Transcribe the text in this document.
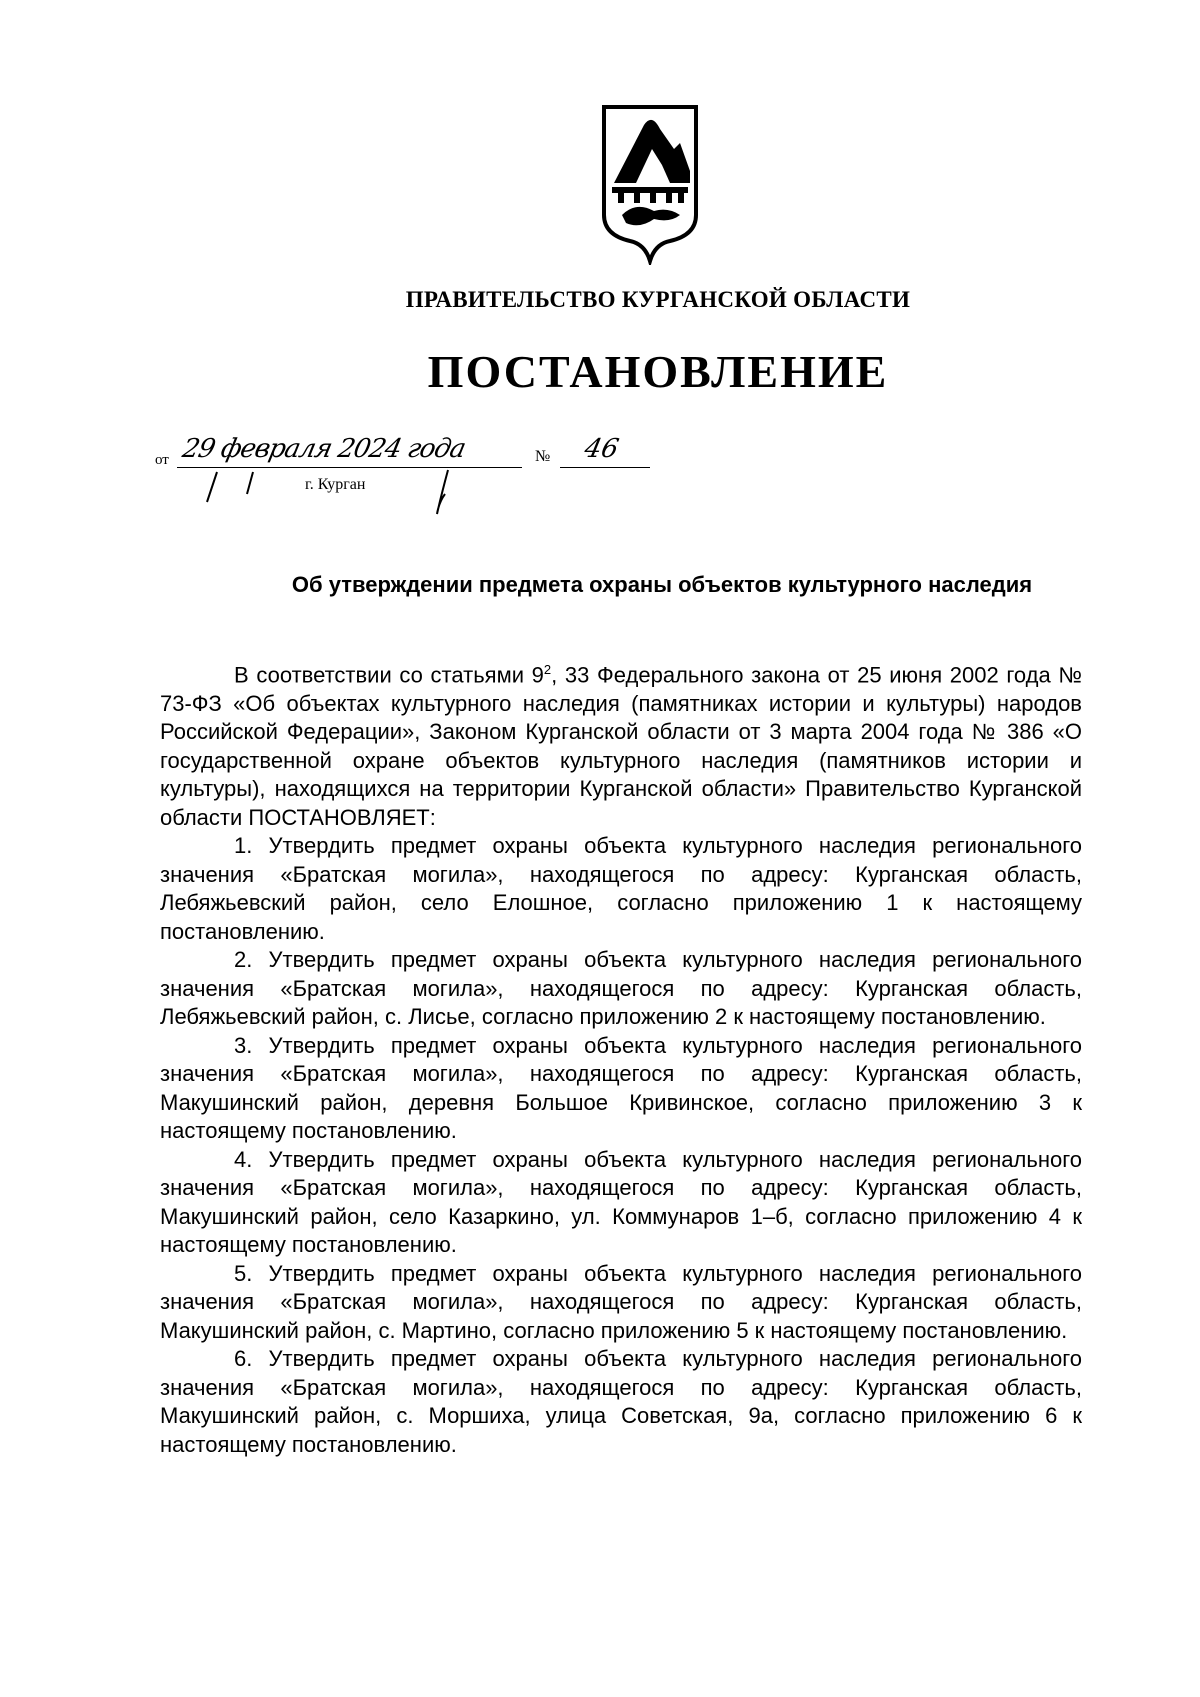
ПРАВИТЕЛЬСТВО КУРГАНСКОЙ ОБЛАСТИ
ПОСТАНОВЛЕНИЕ
от 29 февраля 2024 года	№ 46
г. Курган
Об утверждении предмета охраны объектов культурного наследия

В соответствии со статьями $9^2$, 33 Федерального закона от 25 июня 2002 года № 73-ФЗ «Об объектах культурного наследия (памятниках истории и культуры) народов Российской Федерации», Законом Курганской области от 3 марта 2004 года № 386 «О государственной охране объектов культурного наследия (памятников истории и культуры), находящихся на территории Курганской области» Правительство Курганской области ПОСТАНОВЛЯЕТ:

1. Утвердить предмет охраны объекта культурного наследия регионального значения «Братская могила», находящегося по адресу: Курганская область, Лебяжьевский район, село Елошное, согласно приложению 1 к настоящему постановлению.

2. Утвердить предмет охраны объекта культурного наследия регионального значения «Братская могила», находящегося по адресу: Курганская область, Лебяжьевский район, с. Лисье, согласно приложению 2 к настоящему постановлению.

3. Утвердить предмет охраны объекта культурного наследия регионального значения «Братская могила», находящегося по адресу: Курганская область, Макушинский район, деревня Большое Кривинское, согласно приложению 3 к настоящему постановлению.

4. Утвердить предмет охраны объекта культурного наследия регионального значения «Братская могила», находящегося по адресу: Курганская область, Макушинский район, село Казаркино, ул. Коммунаров 1–б, согласно приложению 4 к настоящему постановлению.

5. Утвердить предмет охраны объекта культурного наследия регионального значения «Братская могила», находящегося по адресу: Курганская область, Макушинский район, с. Мартино, согласно приложению 5 к настоящему постановлению.

6. Утвердить предмет охраны объекта культурного наследия регионального значения «Братская могила», находящегося по адресу: Курганская область, Макушинский район, с. Моршиха, улица Советская, 9а, согласно приложению 6 к настоящему постановлению.
